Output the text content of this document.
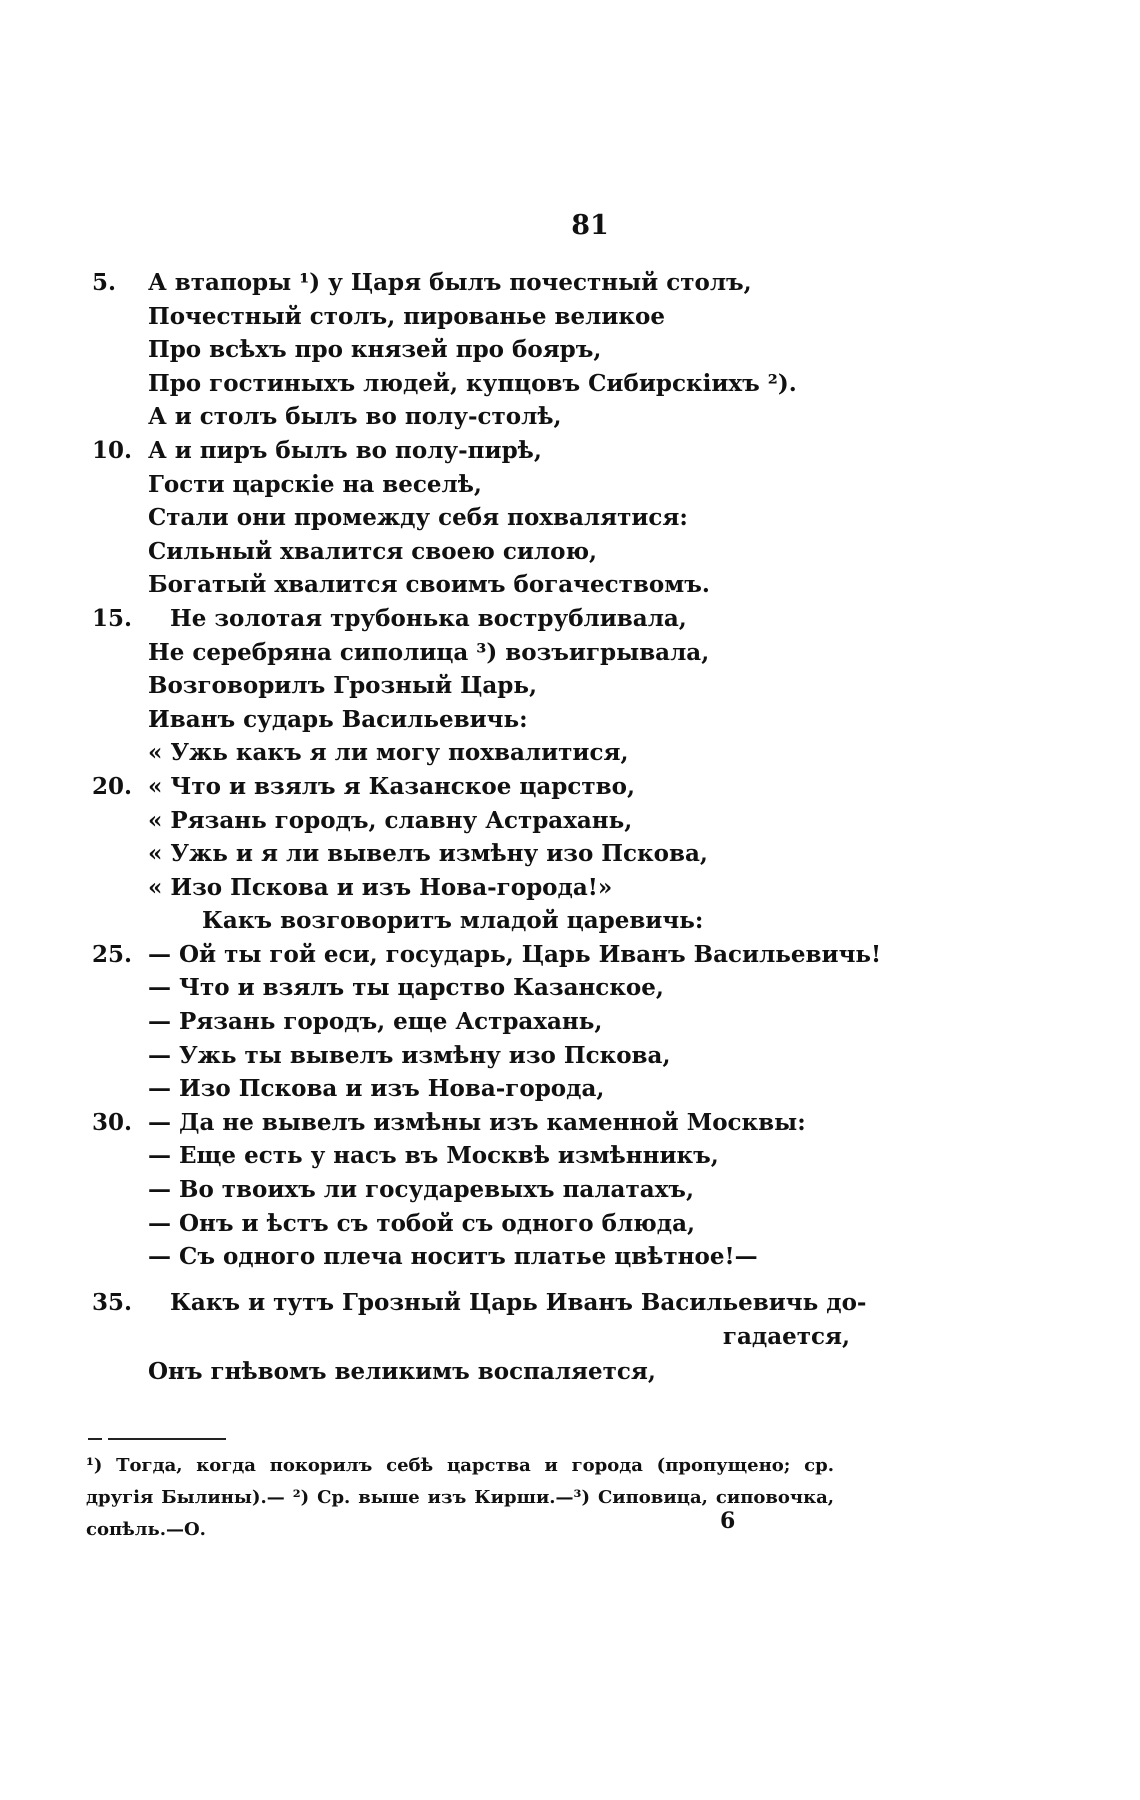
81
5.	А втапоры ¹) у Царя былъ почестный столъ,
Почестный столъ, пированье великое
Про всѣхъ про князей про бояръ,
Про гостиныхъ людей, купцовъ Сибирскiихъ ²).
А и столъ былъ во полу-столѣ,
10. А и пиръ былъ во полу-пирѣ,
Гости царскiе на веселѣ,
Стали они промежду себя похвалятися:
Сильный хвалится своею силою,
Богатый хвалится своимъ богачествомъ.
15.	Не золотая трубонька вострубливала,
Не серебряна сиполица ³) возъигрывала,
Возговорилъ Грозный Царь,
Иванъ сударь Васильевичь:
« Ужь какъ я ли могу похвалитися,
20. « Что и взялъ я Казанское царство,
« Рязань городъ, славну Астрахань,
« Ужь и я ли вывелъ измѣну изо Пскова,
« Изо Пскова и изъ Нова-города!»
Какъ возговоритъ младой царевичь:
25. — Ой ты гой еси, государь, Царь Иванъ Васильевичь!
— Что и взялъ ты царство Казанское,
— Рязань городъ, еще Астрахань,
— Ужь ты вывелъ измѣну изо Пскова,
— Изо Пскова и изъ Нова-города,
30. — Да не вывелъ измѣны изъ каменной Москвы:
— Еще есть у насъ въ Москвѣ измѣнникъ,
— Во твоихъ ли государевыхъ палатахъ,
— Онъ и ѣстъ съ тобой съ одного блюда,
— Съ одного плеча носитъ платье цвѣтное!—
35.	Какъ и тутъ Грозный Царь Иванъ Васильевичь до-
гадается,
Онъ гнѣвомъ великимъ воспаляется,
¹) Тогда, когда покорилъ себѣ царства и города (пропущено; ср. другiя Былины).— ²) Ср. выше изъ Кирши.—³) Сиповица, сиповочка, сопѣль.—О.	6
